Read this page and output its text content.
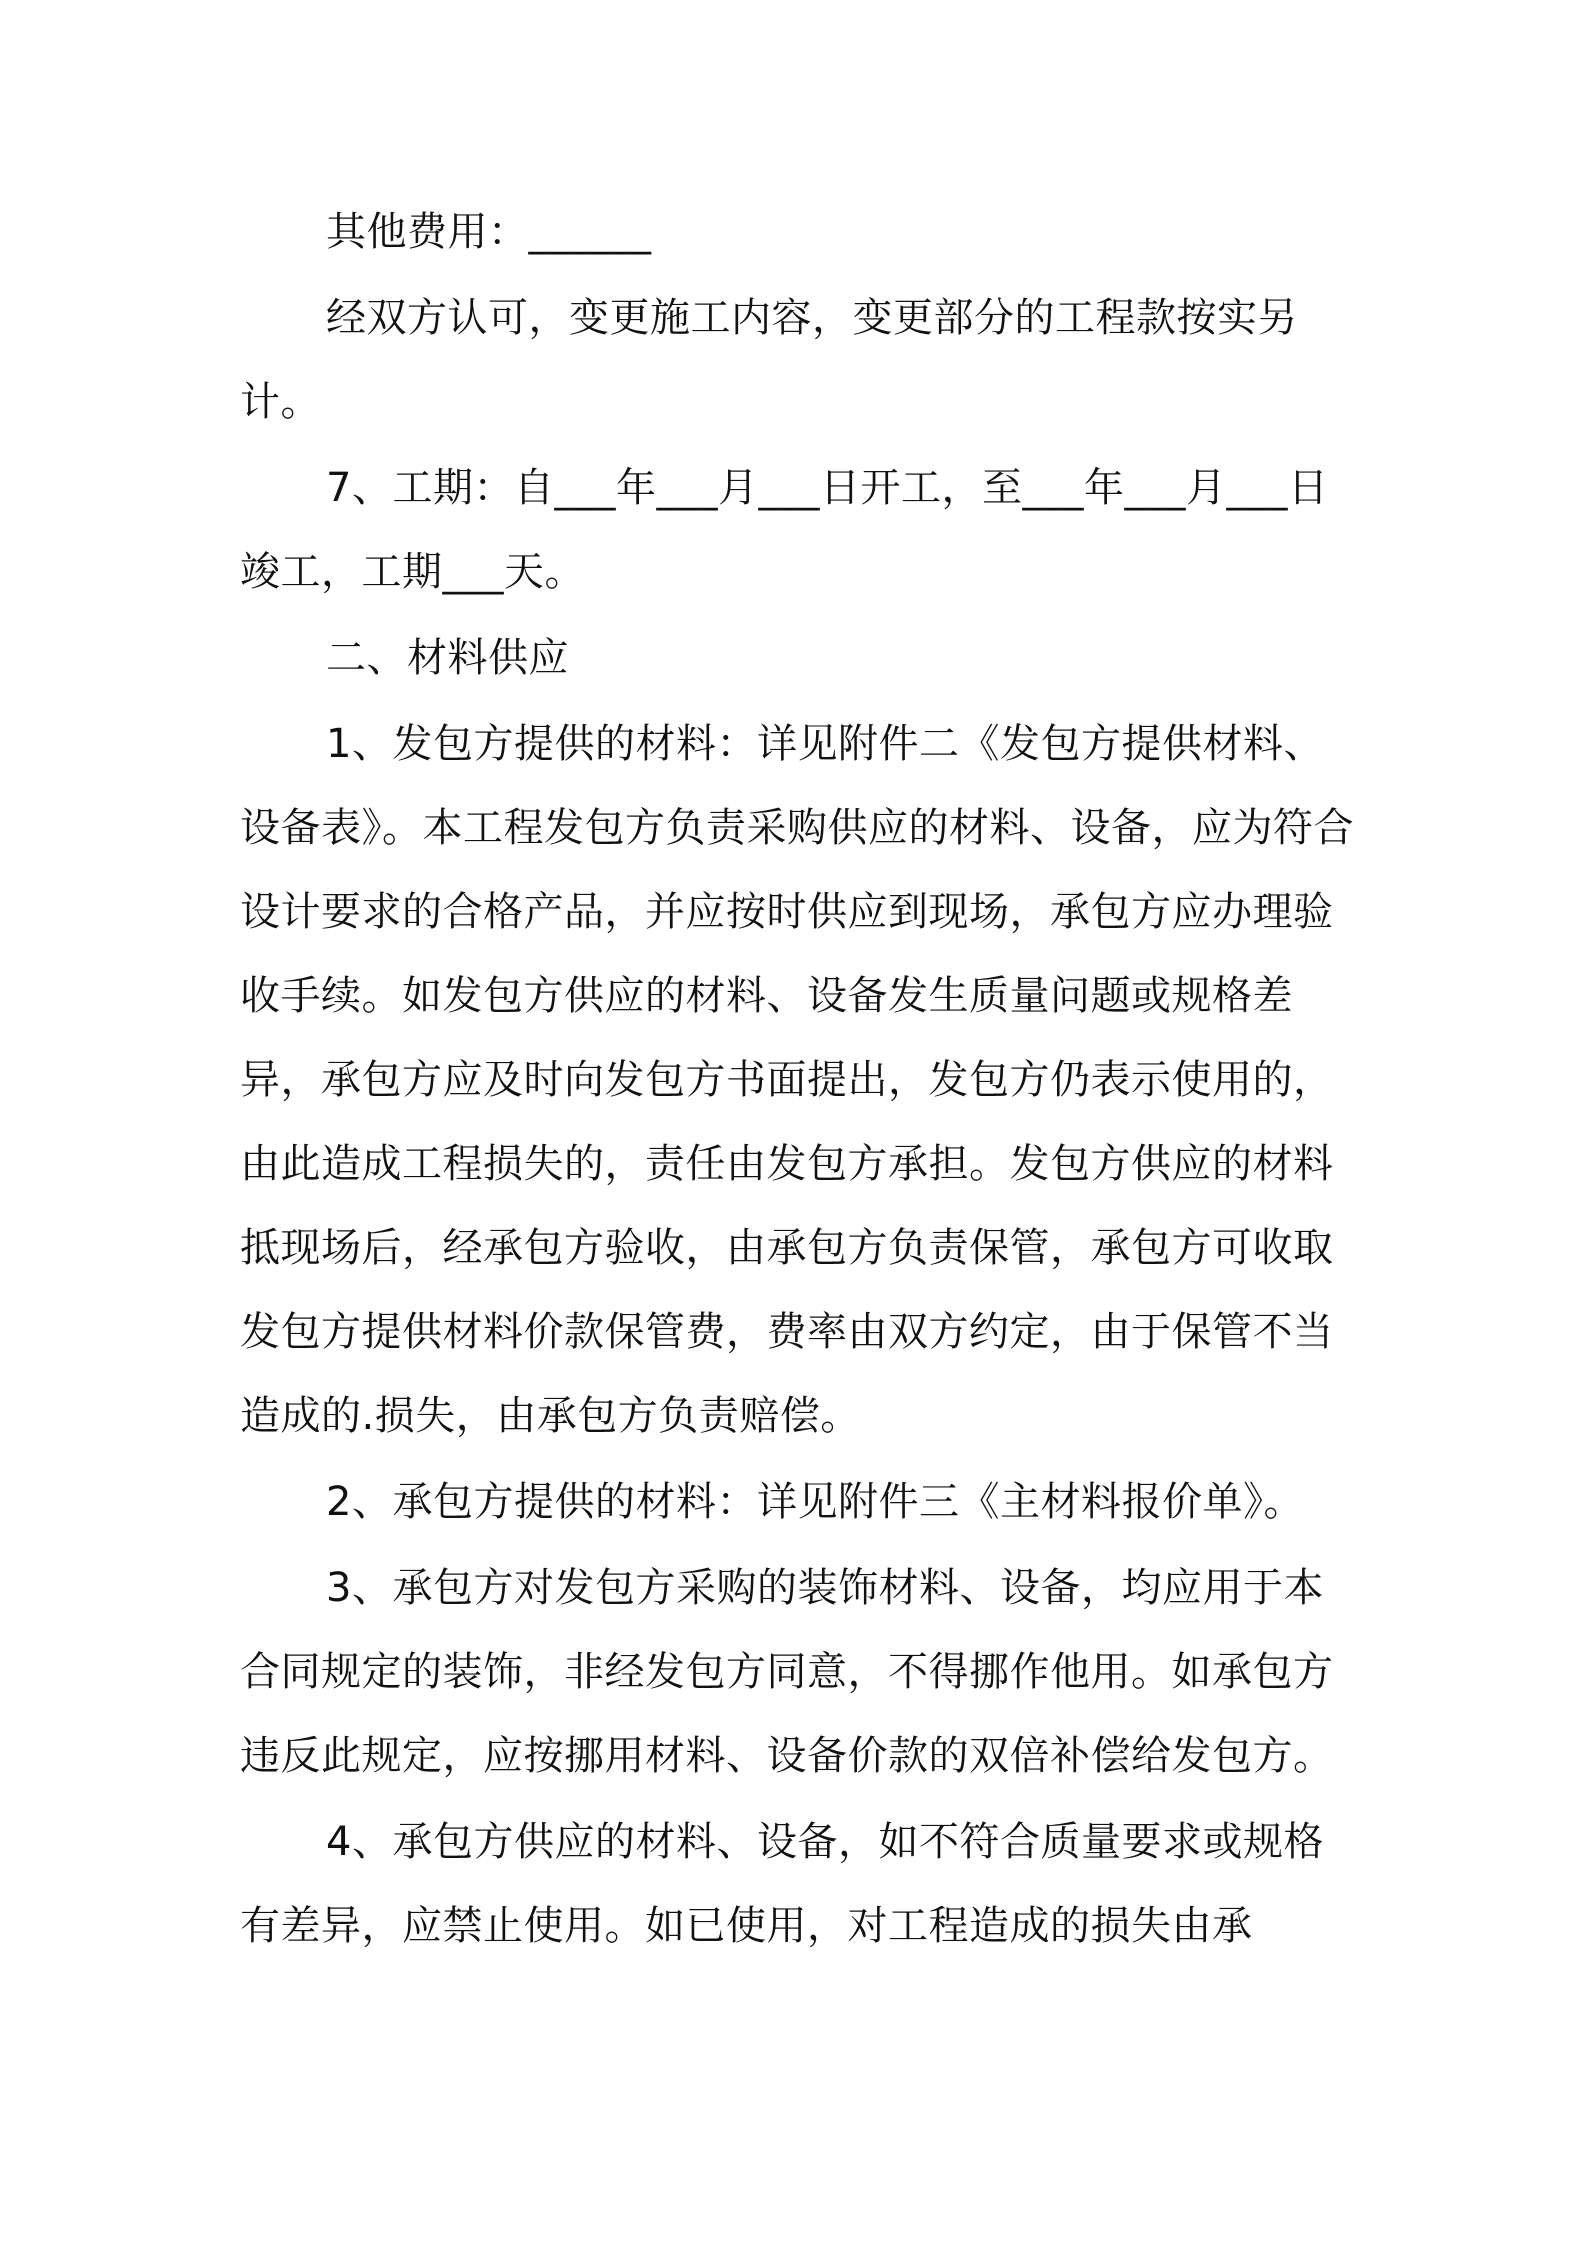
其他费用：______

经双方认可，变更施工内容，变更部分的工程款按实另计。

7、工期：自___年___月___日开工，至___年___月___日竣工，工期___天。

二、材料供应

1、发包方提供的材料：详见附件二《发包方提供材料、设备表》。本工程发包方负责采购供应的材料、设备，应为符合设计要求的合格产品，并应按时供应到现场，承包方应办理验收手续。如发包方供应的材料、设备发生质量问题或规格差异，承包方应及时向发包方书面提出，发包方仍表示使用的，由此造成工程损失的，责任由发包方承担。发包方供应的材料抵现场后，经承包方验收，由承包方负责保管，承包方可收取发包方提供材料价款保管费，费率由双方约定，由于保管不当造成的.损失，由承包方负责赔偿。

2、承包方提供的材料：详见附件三《主材料报价单》。

3、承包方对发包方采购的装饰材料、设备，均应用于本合同规定的装饰，非经发包方同意，不得挪作他用。如承包方违反此规定，应按挪用材料、设备价款的双倍补偿给发包方。

4、承包方供应的材料、设备，如不符合质量要求或规格有差异，应禁止使用。如已使用，对工程造成的损失由承
